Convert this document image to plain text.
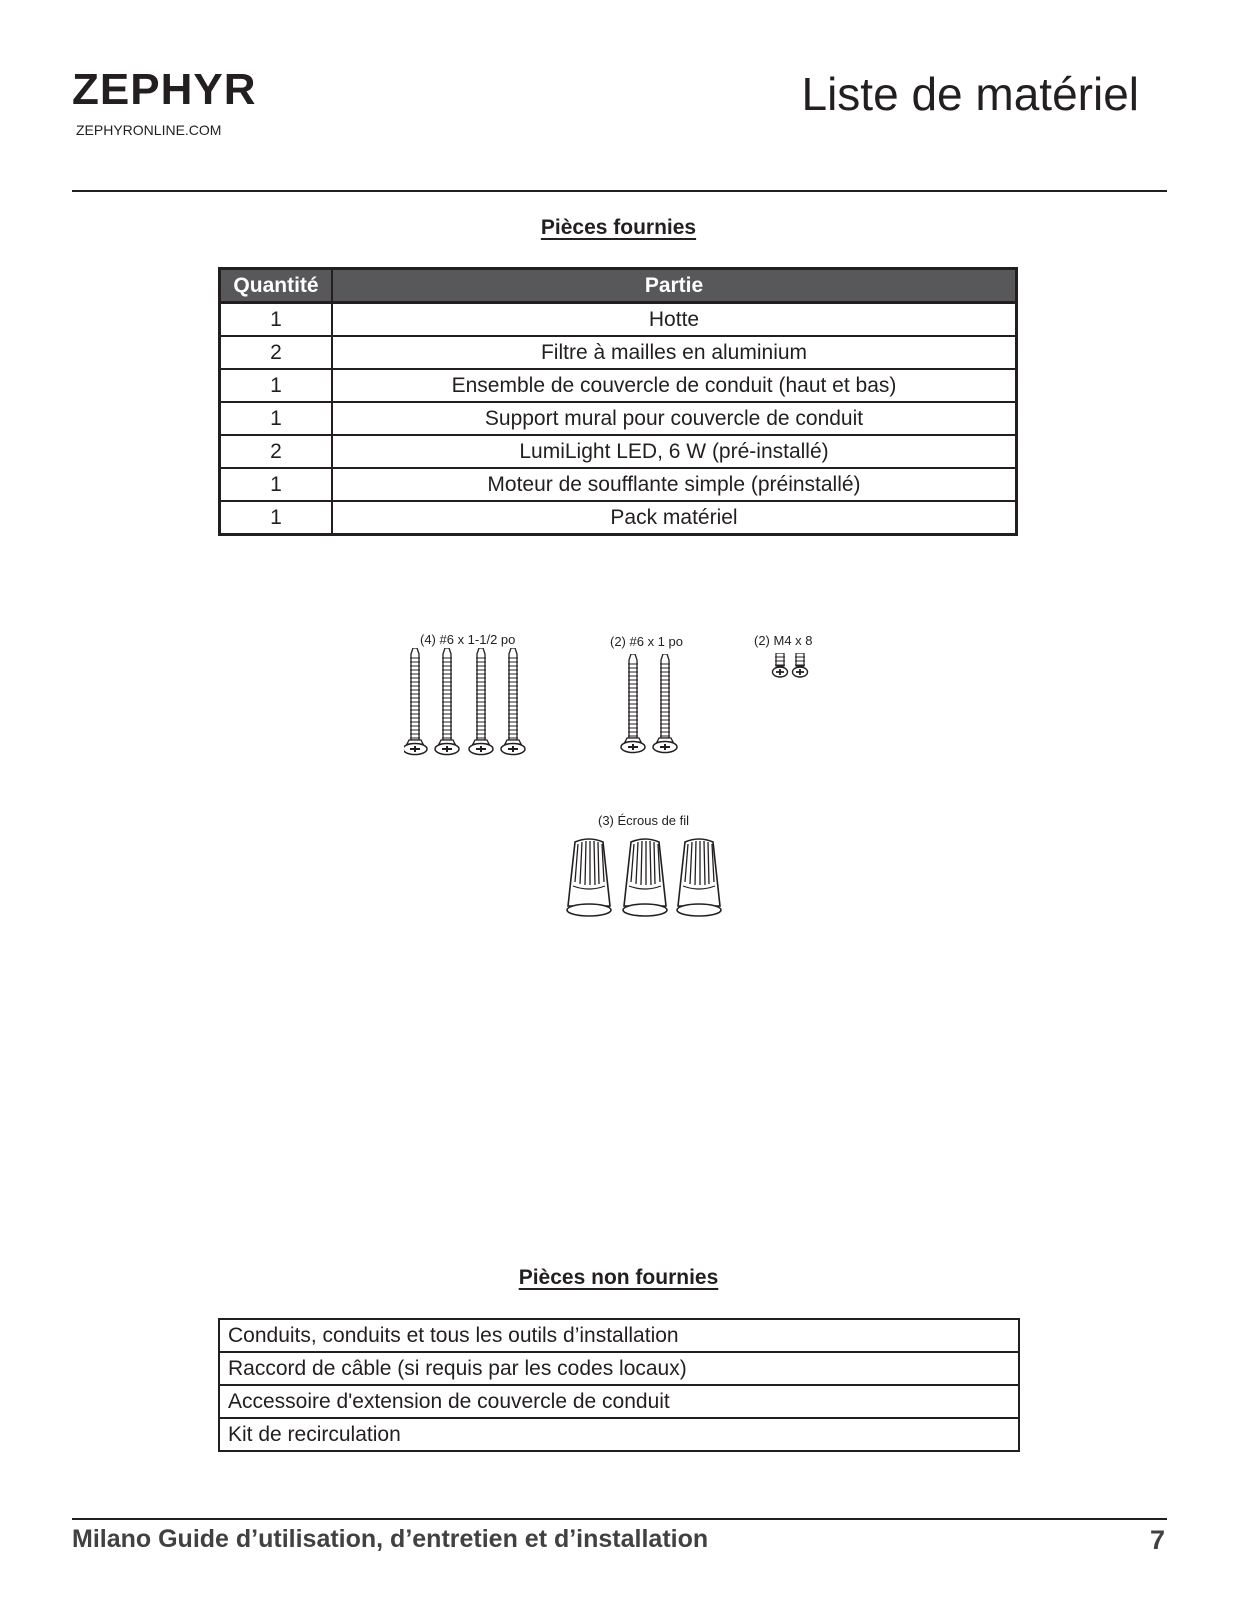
ZEPHYR
ZEPHYRONLINE.COM
Liste de matériel
Pièces fournies
Quantité	Partie
1	Hotte
2	Filtre à mailles en aluminium
1	Ensemble de couvercle de conduit (haut et bas)
1	Support mural pour couvercle de conduit
2	LumiLight LED, 6 W (pré-installé)
1	Moteur de soufflante simple (préinstallé)
1	Pack matériel
(4) #6 x 1-1/2 po	(2) #6 x 1 po	(2) M4 x 8
(3) Écrous de fil
Pièces non fournies
Conduits, conduits et tous les outils d’installation
Raccord de câble (si requis par les codes locaux)
Accessoire d'extension de couvercle de conduit
Kit de recirculation
Milano Guide d’utilisation, d’entretien et d’installation	7
